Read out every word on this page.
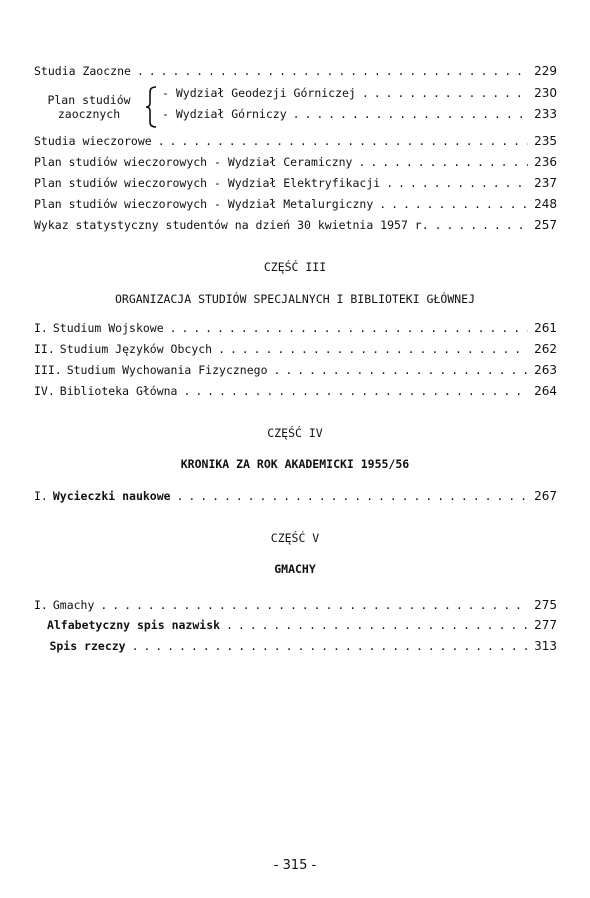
Studia Zaoczne . . .	229
Plan studiów
zaocznych
- Wydział Geodezji Górniczej . . .	230
- Wydział Górniczy . . .	233
Studia wieczorowe . . .	235
Plan studiów wieczorowych - Wydział Ceramiczny . . .	236
Plan studiów wieczorowych - Wydział Elektryfikacji . . .	237
Plan studiów wieczorowych - Wydział Metalurgiczny . . .	248
Wykaz statystyczny studentów na dzień 30 kwietnia 1957 r. . . .	257
CZĘŚĆ III
ORGANIZACJA STUDIÓW SPECJALNYCH I BIBLIOTEKI GŁÓWNEJ
I. Studium Wojskowe . . .	261
II. Studium Języków Obcych . . .	262
III. Studium Wychowania Fizycznego . . .	263
IV. Biblioteka Główna . . .	264
CZĘŚĆ IV
KRONIKA ZA ROK AKADEMICKI 1955/56
I. Wycieczki naukowe . . .	267
CZĘŚĆ V
GMACHY
I. Gmachy . . .	275
Alfabetyczny spis nazwisk . . .	277
Spis rzeczy . . .	313
- 315 -
